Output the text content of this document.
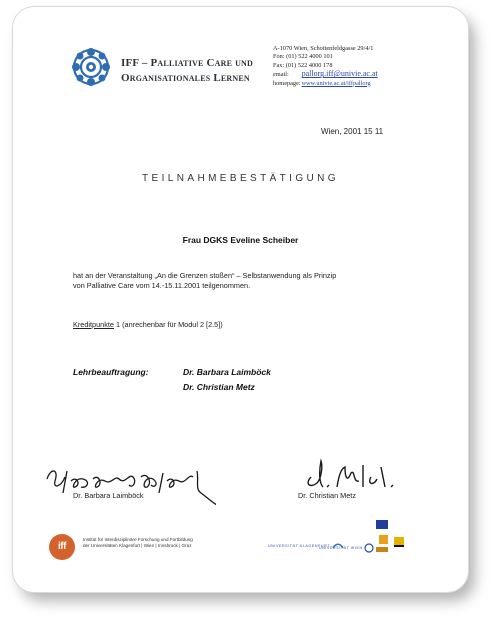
IFF – Palliative Care und
Organisationales Lernen
A-1070 Wien, Schottenfeldgasse 29/4/1
Fon: (01) 522 4000 101
Fax: (01) 522 4000 178
email: pallorg.iff@univie.ac.at
homepage: www.univie.ac.at/iffpallorg
Wien, 2001 15 11
TEILNAHMEBESTÄTIGUNG
Frau DGKS Eveline Scheiber
hat an der Veranstaltung „An die Grenzen stoßen“ – Selbstanwendung als Prinzip
von Palliative Care vom 14.-15.11.2001 teilgenommen.
Kreditpunkte 1 (anrechenbar für Modul 2 [2.5])
Lehrbeauftragung:	Dr. Barbara Laimböck
Dr. Christian Metz
Dr. Barbara Laimböck	Dr. Christian Metz
iff
Institut für Interdisziplinäre Forschung und Fortbildung
der Universitäten Klagenfurt | Wien | Innsbruck | Graz	UNIVERSITÄT KLAGENFURT
UNIVERSITÄT WIEN
